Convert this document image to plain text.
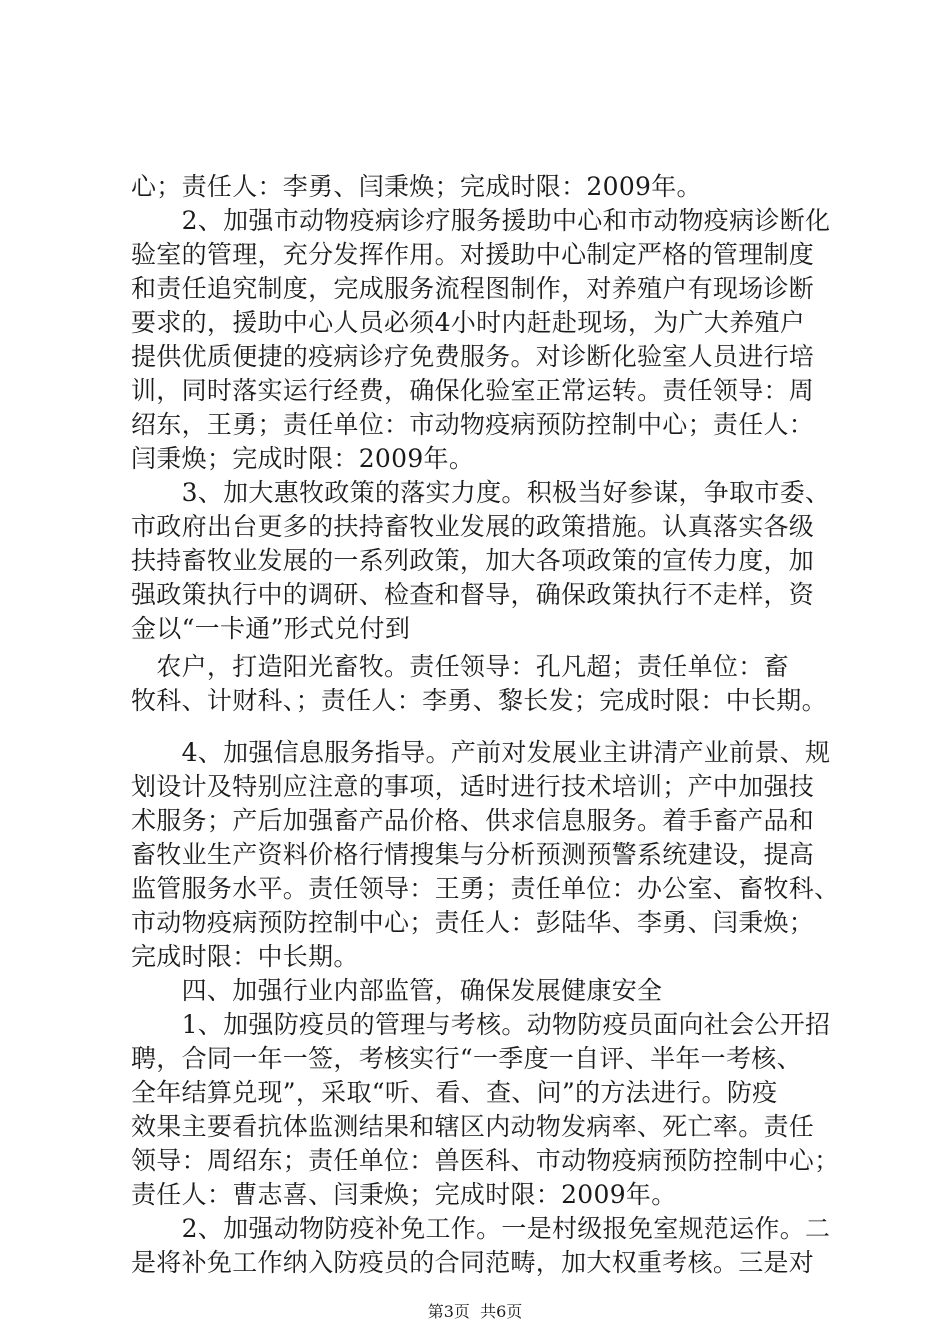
心；责任人：李勇、闫秉焕；完成时限：2009年。
　　2、加强市动物疫病诊疗服务援助中心和市动物疫病诊断化
验室的管理，充分发挥作用。对援助中心制定严格的管理制度
和责任追究制度，完成服务流程图制作，对养殖户有现场诊断
要求的，援助中心人员必须4小时内赶赴现场，为广大养殖户
提供优质便捷的疫病诊疗免费服务。对诊断化验室人员进行培
训，同时落实运行经费，确保化验室正常运转。责任领导：周
绍东，王勇；责任单位：市动物疫病预防控制中心；责任人：
闫秉焕；完成时限：2009年。
　　3、加大惠牧政策的落实力度。积极当好参谋，争取市委、
市政府出台更多的扶持畜牧业发展的政策措施。认真落实各级
扶持畜牧业发展的一系列政策，加大各项政策的宣传力度，加
强政策执行中的调研、检查和督导，确保政策执行不走样，资
金以“一卡通”形式兑付到
　农户，打造阳光畜牧。责任领导：孔凡超；责任单位：畜
牧科、计财科、；责任人：李勇、黎长发；完成时限：中长期。
　　4、加强信息服务指导。产前对发展业主讲清产业前景、规
划设计及特别应注意的事项，适时进行技术培训；产中加强技
术服务；产后加强畜产品价格、供求信息服务。着手畜产品和
畜牧业生产资料价格行情搜集与分析预测预警系统建设，提高
监管服务水平。责任领导：王勇；责任单位：办公室、畜牧科、
市动物疫病预防控制中心；责任人：彭陆华、李勇、闫秉焕；
完成时限：中长期。
　　四、加强行业内部监管，确保发展健康安全
　　1、加强防疫员的管理与考核。动物防疫员面向社会公开招
聘，合同一年一签，考核实行“一季度一自评、半年一考核、
全年结算兑现”，采取“听、看、查、问”的方法进行。防疫
效果主要看抗体监测结果和辖区内动物发病率、死亡率。责任
领导：周绍东；责任单位：兽医科、市动物疫病预防控制中心；
责任人：曹志喜、闫秉焕；完成时限：2009年。
　　2、加强动物防疫补免工作。一是村级报免室规范运作。二
是将补免工作纳入防疫员的合同范畴，加大权重考核。三是对
第3页  共6页
